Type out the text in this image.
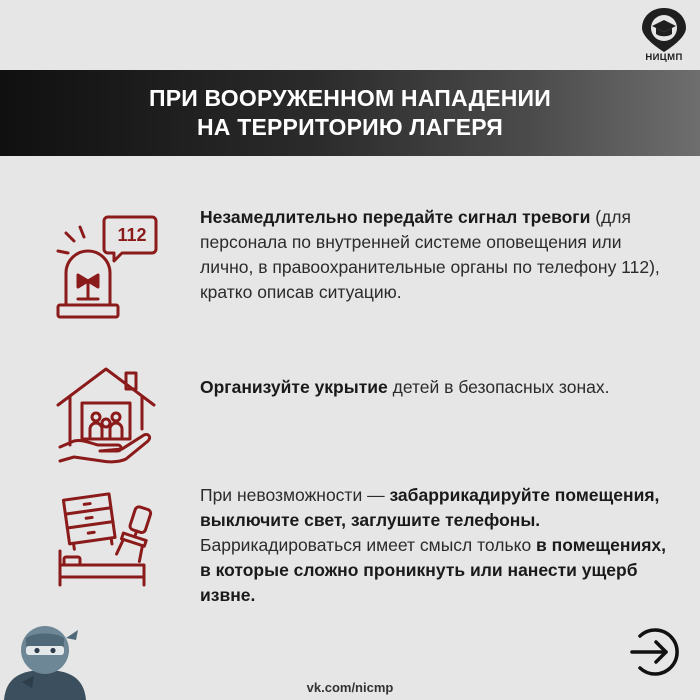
НИЦМП
ПРИ ВООРУЖЕННОМ НАПАДЕНИИ
НА ТЕРРИТОРИЮ ЛАГЕРЯ
112
Незамедлительно передайте сигнал тревоги (для персонала по внутренней системе оповещения или лично, в правоохранительные органы по телефону 112), кратко описав ситуацию.
Организуйте укрытие детей в безопасных зонах.
При невозможности — забаррикадируйте помещения, выключите свет, заглушите телефоны. Баррикадироваться имеет смысл только в помещениях, в которые сложно проникнуть или нанести ущерб извне.
vk.com/nicmp
